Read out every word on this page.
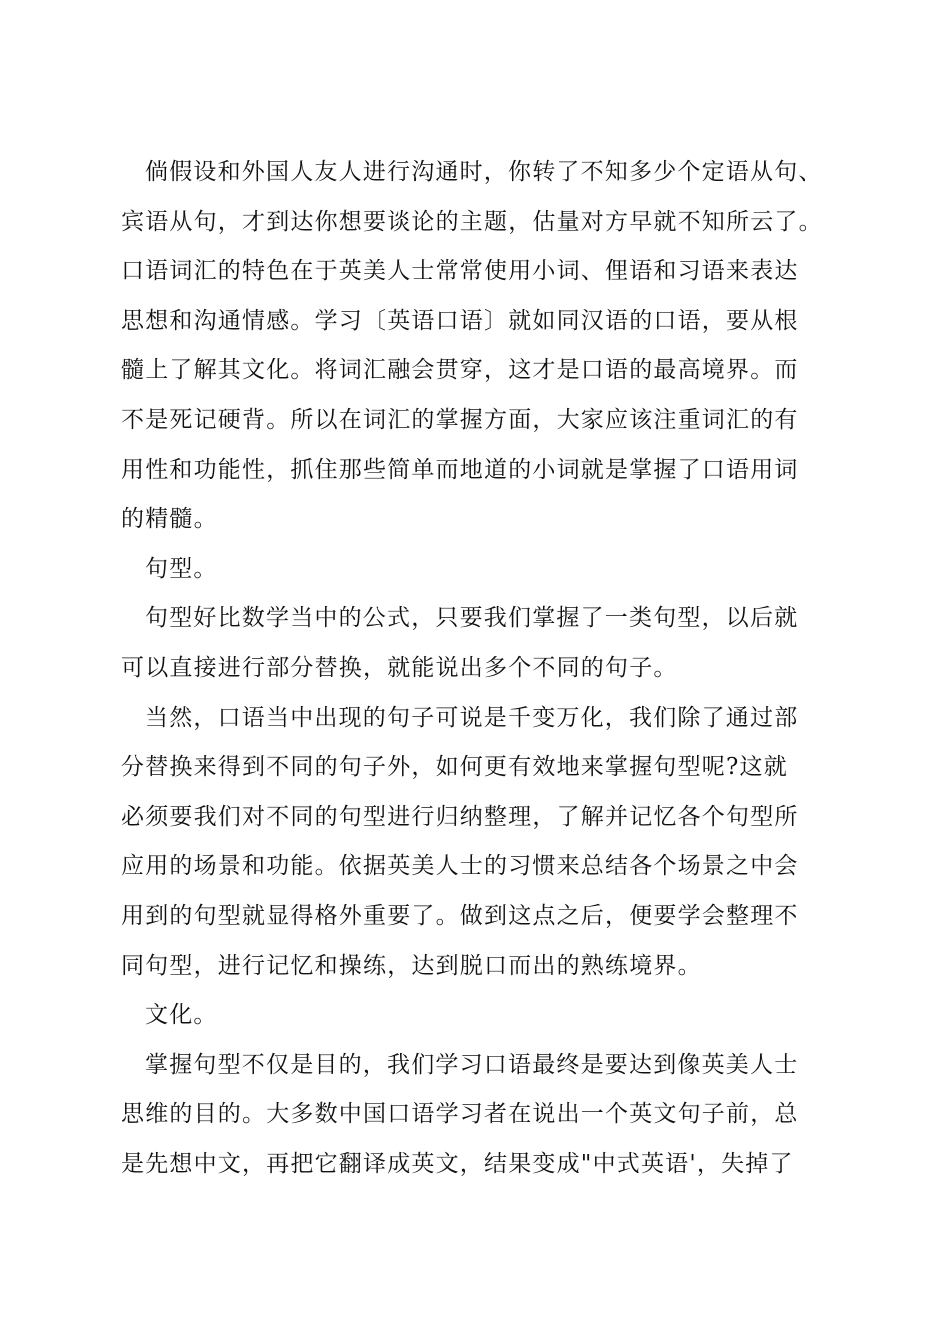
倘假设和外国人友人进行沟通时，你转了不知多少个定语从句、
宾语从句，才到达你想要谈论的主题，估量对方早就不知所云了。
口语词汇的特色在于英美人士常常使用小词、俚语和习语来表达
思想和沟通情感。学习〔英语口语〕就如同汉语的口语，要从根
髓上了解其文化。将词汇融会贯穿，这才是口语的最高境界。而
不是死记硬背。所以在词汇的掌握方面，大家应该注重词汇的有
用性和功能性，抓住那些简单而地道的小词就是掌握了口语用词
的精髓。
句型。
句型好比数学当中的公式，只要我们掌握了一类句型，以后就
可以直接进行部分替换，就能说出多个不同的句子。
当然，口语当中出现的句子可说是千变万化，我们除了通过部
分替换来得到不同的句子外，如何更有效地来掌握句型呢?这就
必须要我们对不同的句型进行归纳整理，了解并记忆各个句型所
应用的场景和功能。依据英美人士的习惯来总结各个场景之中会
用到的句型就显得格外重要了。做到这点之后，便要学会整理不
同句型，进行记忆和操练，达到脱口而出的熟练境界。
文化。
掌握句型不仅是目的，我们学习口语最终是要达到像英美人士
思维的目的。大多数中国口语学习者在说出一个英文句子前，总
是先想中文，再把它翻译成英文，结果变成"中式英语'，失掉了
